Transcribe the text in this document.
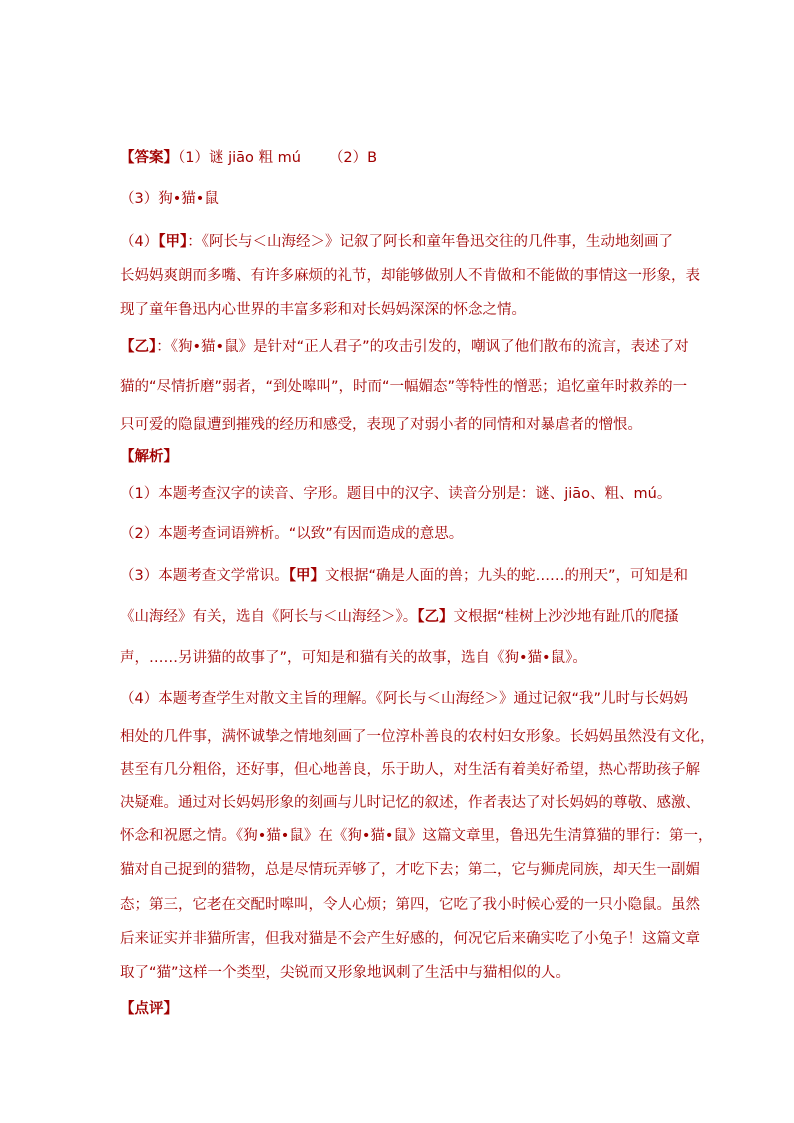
【答案】（1）谜 jiāo 粗 mú （2）B
（3）狗•猫•鼠
（4）【甲】：《阿长与＜山海经＞》记叙了阿长和童年鲁迅交往的几件事，生动地刻画了
长妈妈爽朗而多嘴、有许多麻烦的礼节，却能够做别人不肯做和不能做的事情这一形象，表
现了童年鲁迅内心世界的丰富多彩和对长妈妈深深的怀念之情。
【乙】：《狗•猫•鼠》是针对“正人君子”的攻击引发的，嘲讽了他们散布的流言，表述了对
猫的“尽情折磨”弱者，“到处嗥叫”，时而“一幅媚态”等特性的憎恶；追忆童年时救养的一
只可爱的隐鼠遭到摧残的经历和感受，表现了对弱小者的同情和对暴虐者的憎恨。
【解析】
（1）本题考查汉字的读音、字形。题目中的汉字、读音分别是：谜、jiāo、粗、mú。
（2）本题考查词语辨析。“以致”有因而造成的意思。
（3）本题考查文学常识。【甲】文根据“确是人面的兽；九头的蛇……的刑天”，可知是和
《山海经》有关，选自《阿长与＜山海经＞》。【乙】文根据“桂树上沙沙地有趾爪的爬搔
声，……另讲猫的故事了”，可知是和猫有关的故事，选自《狗•猫•鼠》。
（4）本题考查学生对散文主旨的理解。《阿长与＜山海经＞》通过记叙“我”儿时与长妈妈
相处的几件事，满怀诚挚之情地刻画了一位淳朴善良的农村妇女形象。长妈妈虽然没有文化，
甚至有几分粗俗，还好事，但心地善良，乐于助人，对生活有着美好希望，热心帮助孩子解
决疑难。通过对长妈妈形象的刻画与儿时记忆的叙述，作者表达了对长妈妈的尊敬、感激、
怀念和祝愿之情。《狗•猫•鼠》在《狗•猫•鼠》这篇文章里，鲁迅先生清算猫的罪行：第一，
猫对自己捉到的猎物，总是尽情玩弄够了，才吃下去；第二，它与狮虎同族，却天生一副媚
态；第三，它老在交配时嗥叫，令人心烦；第四，它吃了我小时候心爱的一只小隐鼠。虽然
后来证实并非猫所害，但我对猫是不会产生好感的，何况它后来确实吃了小兔子！这篇文章
取了“猫”这样一个类型，尖锐而又形象地讽刺了生活中与猫相似的人。
【点评】
